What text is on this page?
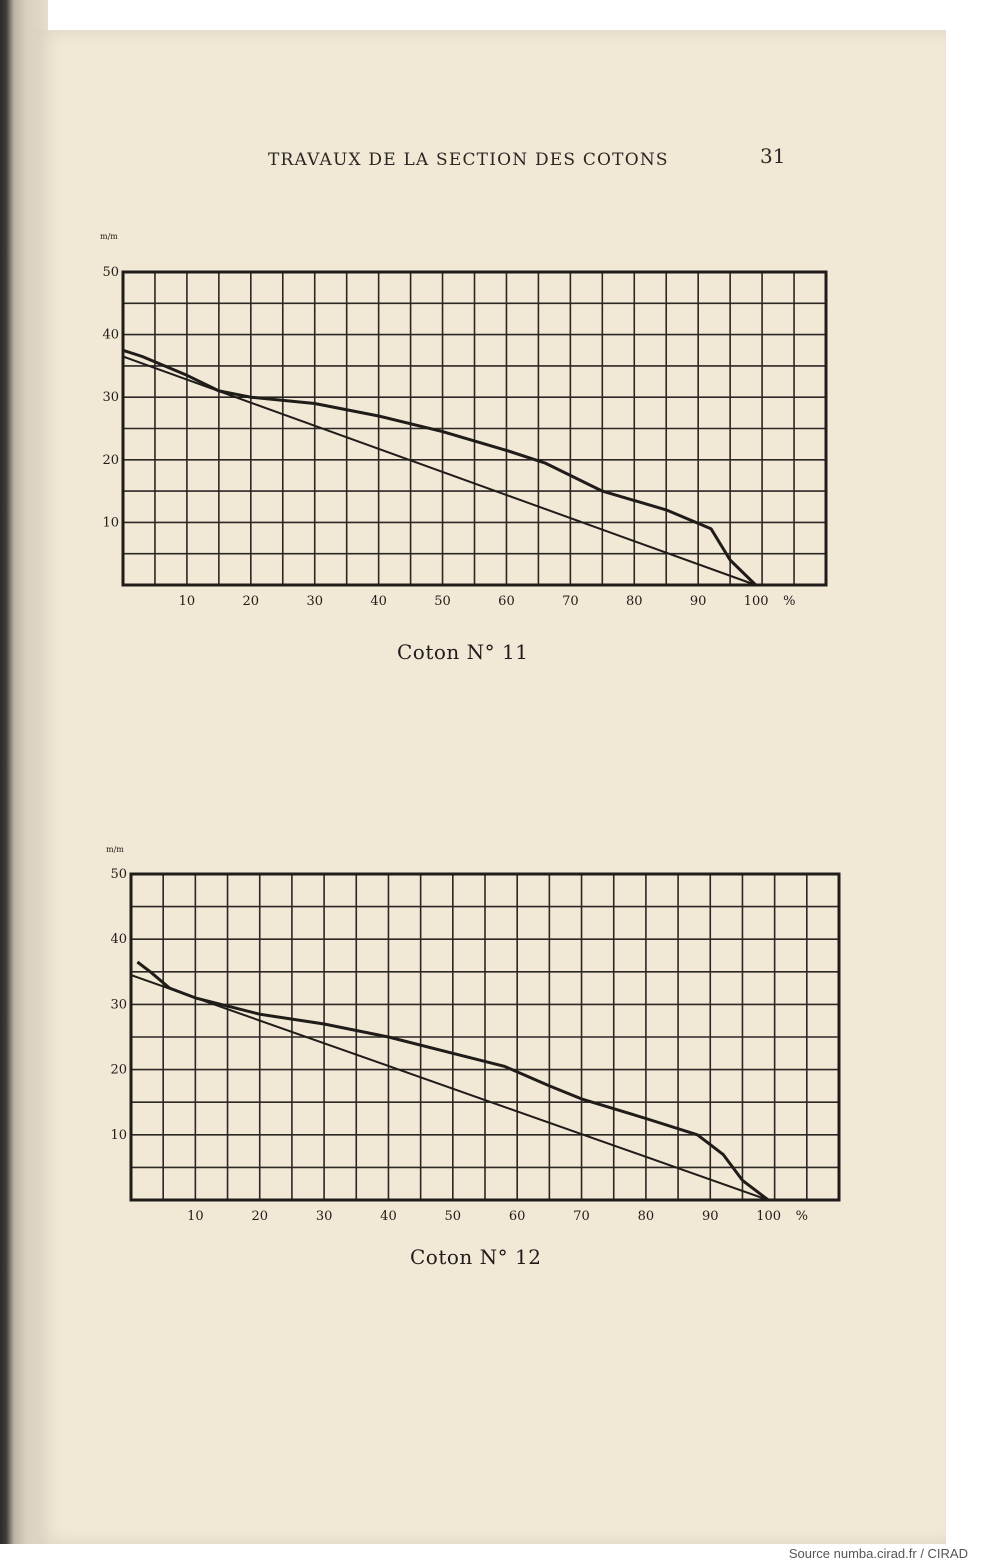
TRAVAUX DE LA SECTION DES COTONS	31
10	20	30	40	50	60	70	80	90	100 %
10
20
30
40
50
m/m
Coton N° 11
10	20	30	40	50	60	70	80	90	100 %
10
20
30
40
50
m/m
Coton N° 12
Source numba.cirad.fr / CIRAD
